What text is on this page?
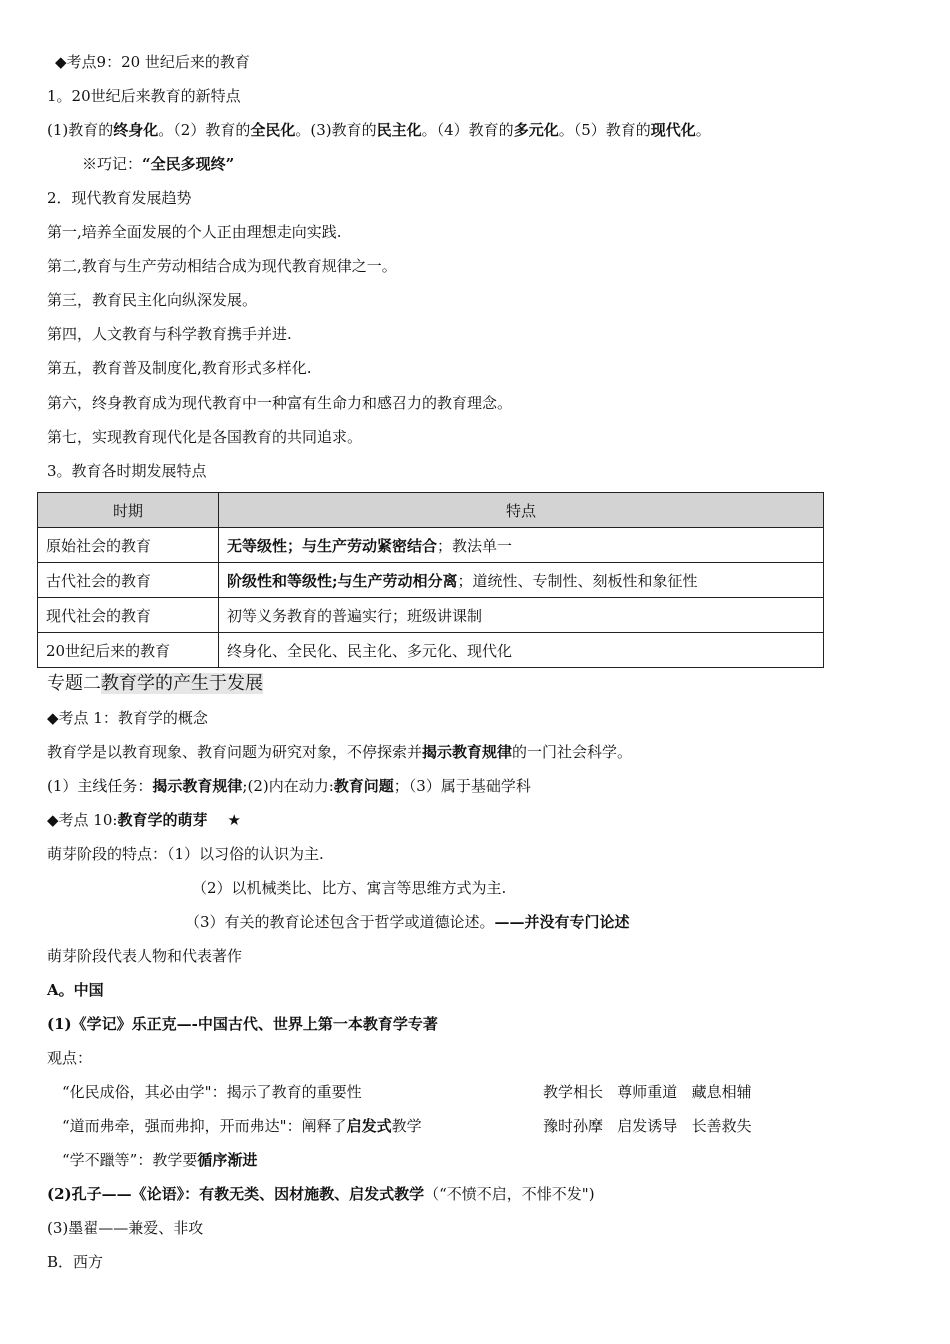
◆考点9：20 世纪后来的教育
1。20世纪后来教育的新特点
(1)教育的终身化。（2）教育的全民化。(3)教育的民主化。（4）教育的多元化。（5）教育的现代化。
※巧记：“全民多现终”
2．现代教育发展趋势
第一,培养全面发展的个人正由理想走向实践.
第二,教育与生产劳动相结合成为现代教育规律之一。
第三，教育民主化向纵深发展。
第四，人文教育与科学教育携手并进.
第五，教育普及制度化,教育形式多样化.
第六，终身教育成为现代教育中一种富有生命力和感召力的教育理念。
第七，实现教育现代化是各国教育的共同追求。
3。教育各时期发展特点
时期	特点
原始社会的教育	无等级性；与生产劳动紧密结合；教法单一
古代社会的教育	阶级性和等级性;与生产劳动相分离；道统性、专制性、刻板性和象征性
现代社会的教育	初等义务教育的普遍实行；班级讲课制
20世纪后来的教育	终身化、全民化、民主化、多元化、现代化
专题二教育学的产生于发展
◆考点 1：教育学的概念
教育学是以教育现象、教育问题为研究对象，不停探索并揭示教育规律的一门社会科学。
(1）主线任务：揭示教育规律;(2)内在动力:教育问题；（3）属于基础学科
◆考点 10:教育学的萌芽 ★
萌芽阶段的特点：（1）以习俗的认识为主.
（2）以机械类比、比方、寓言等思维方式为主.
（3）有关的教育论述包含于哲学或道德论述。——并没有专门论述
萌芽阶段代表人物和代表著作
A。中国
(1)《学记》乐正克—-中国古代、世界上第一本教育学专著
观点：
“化民成俗，其必由学"：揭示了教育的重要性	教学相长   尊师重道   藏息相辅
“道而弗牵，强而弗抑，开而弗达"：阐释了启发式教学	豫时孙摩   启发诱导   长善救失
“学不躐等”：教学要循序渐进
(2)孔子——《论语》：有教无类、因材施教、启发式教学（“不愤不启，不悱不发")
(3)墨翟——兼爱、非攻
B．西方
